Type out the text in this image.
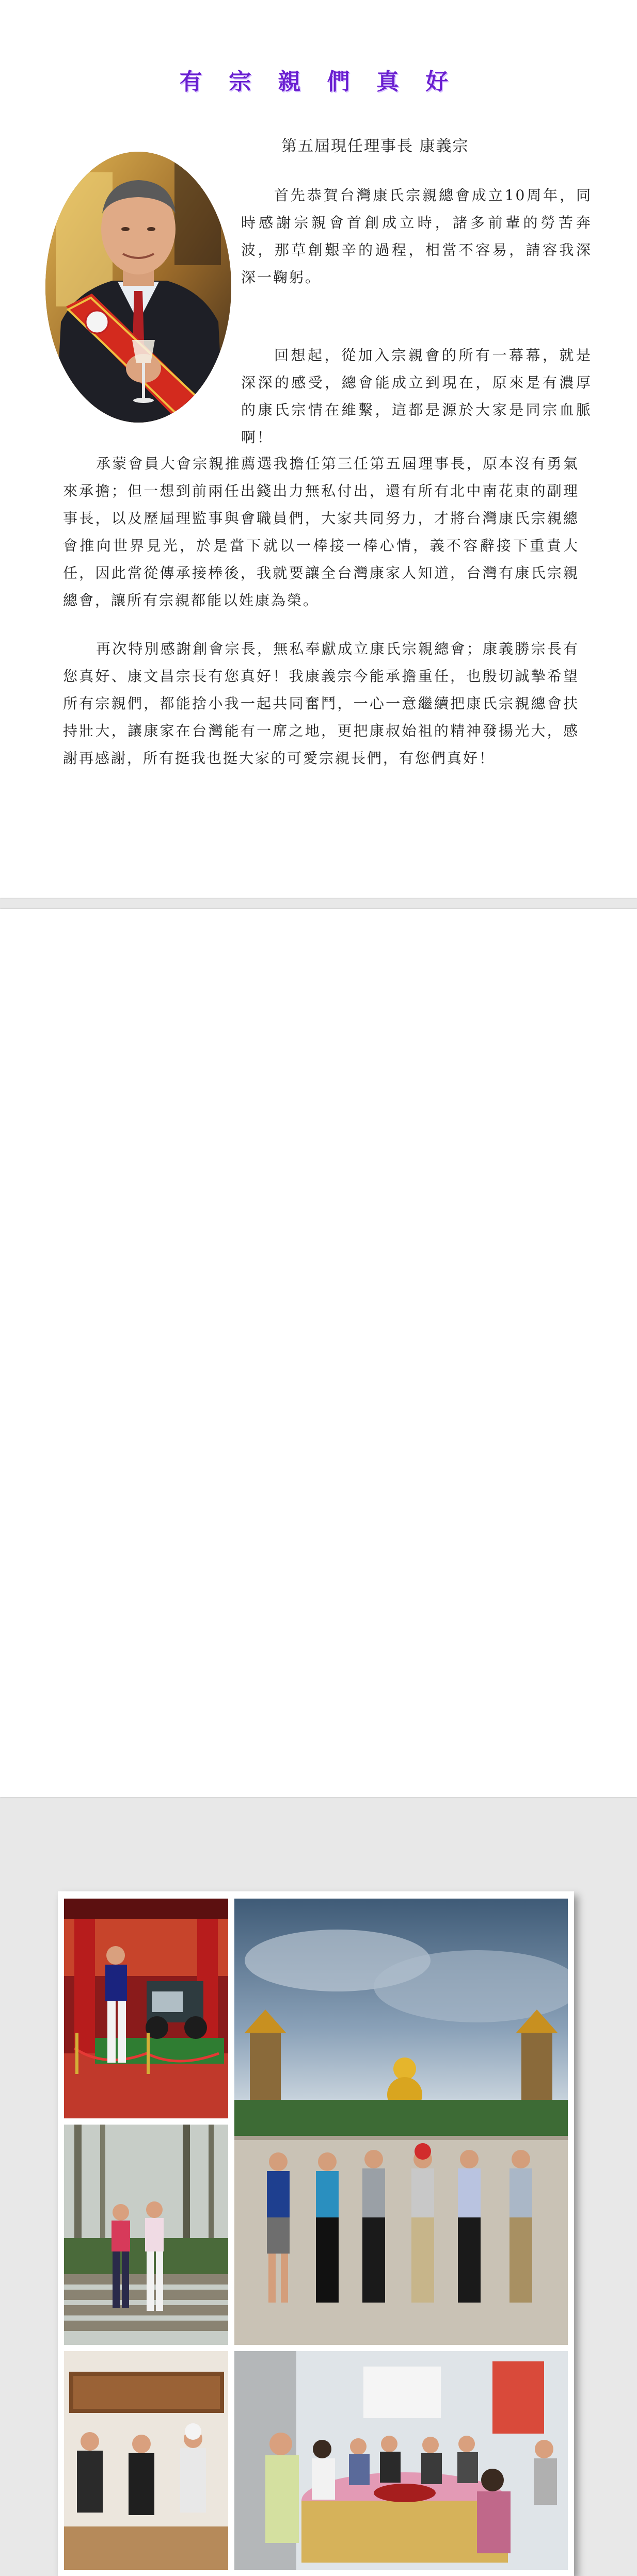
有 宗 親 們 真 好
第五屆現任理事長 康義宗

首先恭賀台灣康氏宗親總會成立10周年，同時感謝宗親會首創成立時，諸多前輩的勞苦奔波，那草創艱辛的過程，相當不容易，請容我深深一鞠躬。

回想起，從加入宗親會的所有一幕幕，就是深深的感受，總會能成立到現在，原來是有濃厚的康氏宗情在維繫，這都是源於大家是同宗血脈啊！

承蒙會員大會宗親推薦選我擔任第三任第五屆理事長，原本沒有勇氣來承擔；但一想到前兩任出錢出力無私付出，還有所有北中南花東的副理事長，以及歷屆理監事與會職員們，大家共同努力，才將台灣康氏宗親總會推向世界見光，於是當下就以一棒接一棒心情，義不容辭接下重責大任，因此當從傳承接棒後，我就要讓全台灣康家人知道，台灣有康氏宗親總會，讓所有宗親都能以姓康為榮。

再次特別感謝創會宗長，無私奉獻成立康氏宗親總會；康義勝宗長有您真好、康文昌宗長有您真好！我康義宗今能承擔重任，也殷切誠摯希望所有宗親們，都能捨小我一起共同奮鬥，一心一意繼續把康氏宗親總會扶持壯大，讓康家在台灣能有一席之地，更把康叔始祖的精神發揚光大，感謝再感謝，所有挺我也挺大家的可愛宗親長們，有您們真好！
